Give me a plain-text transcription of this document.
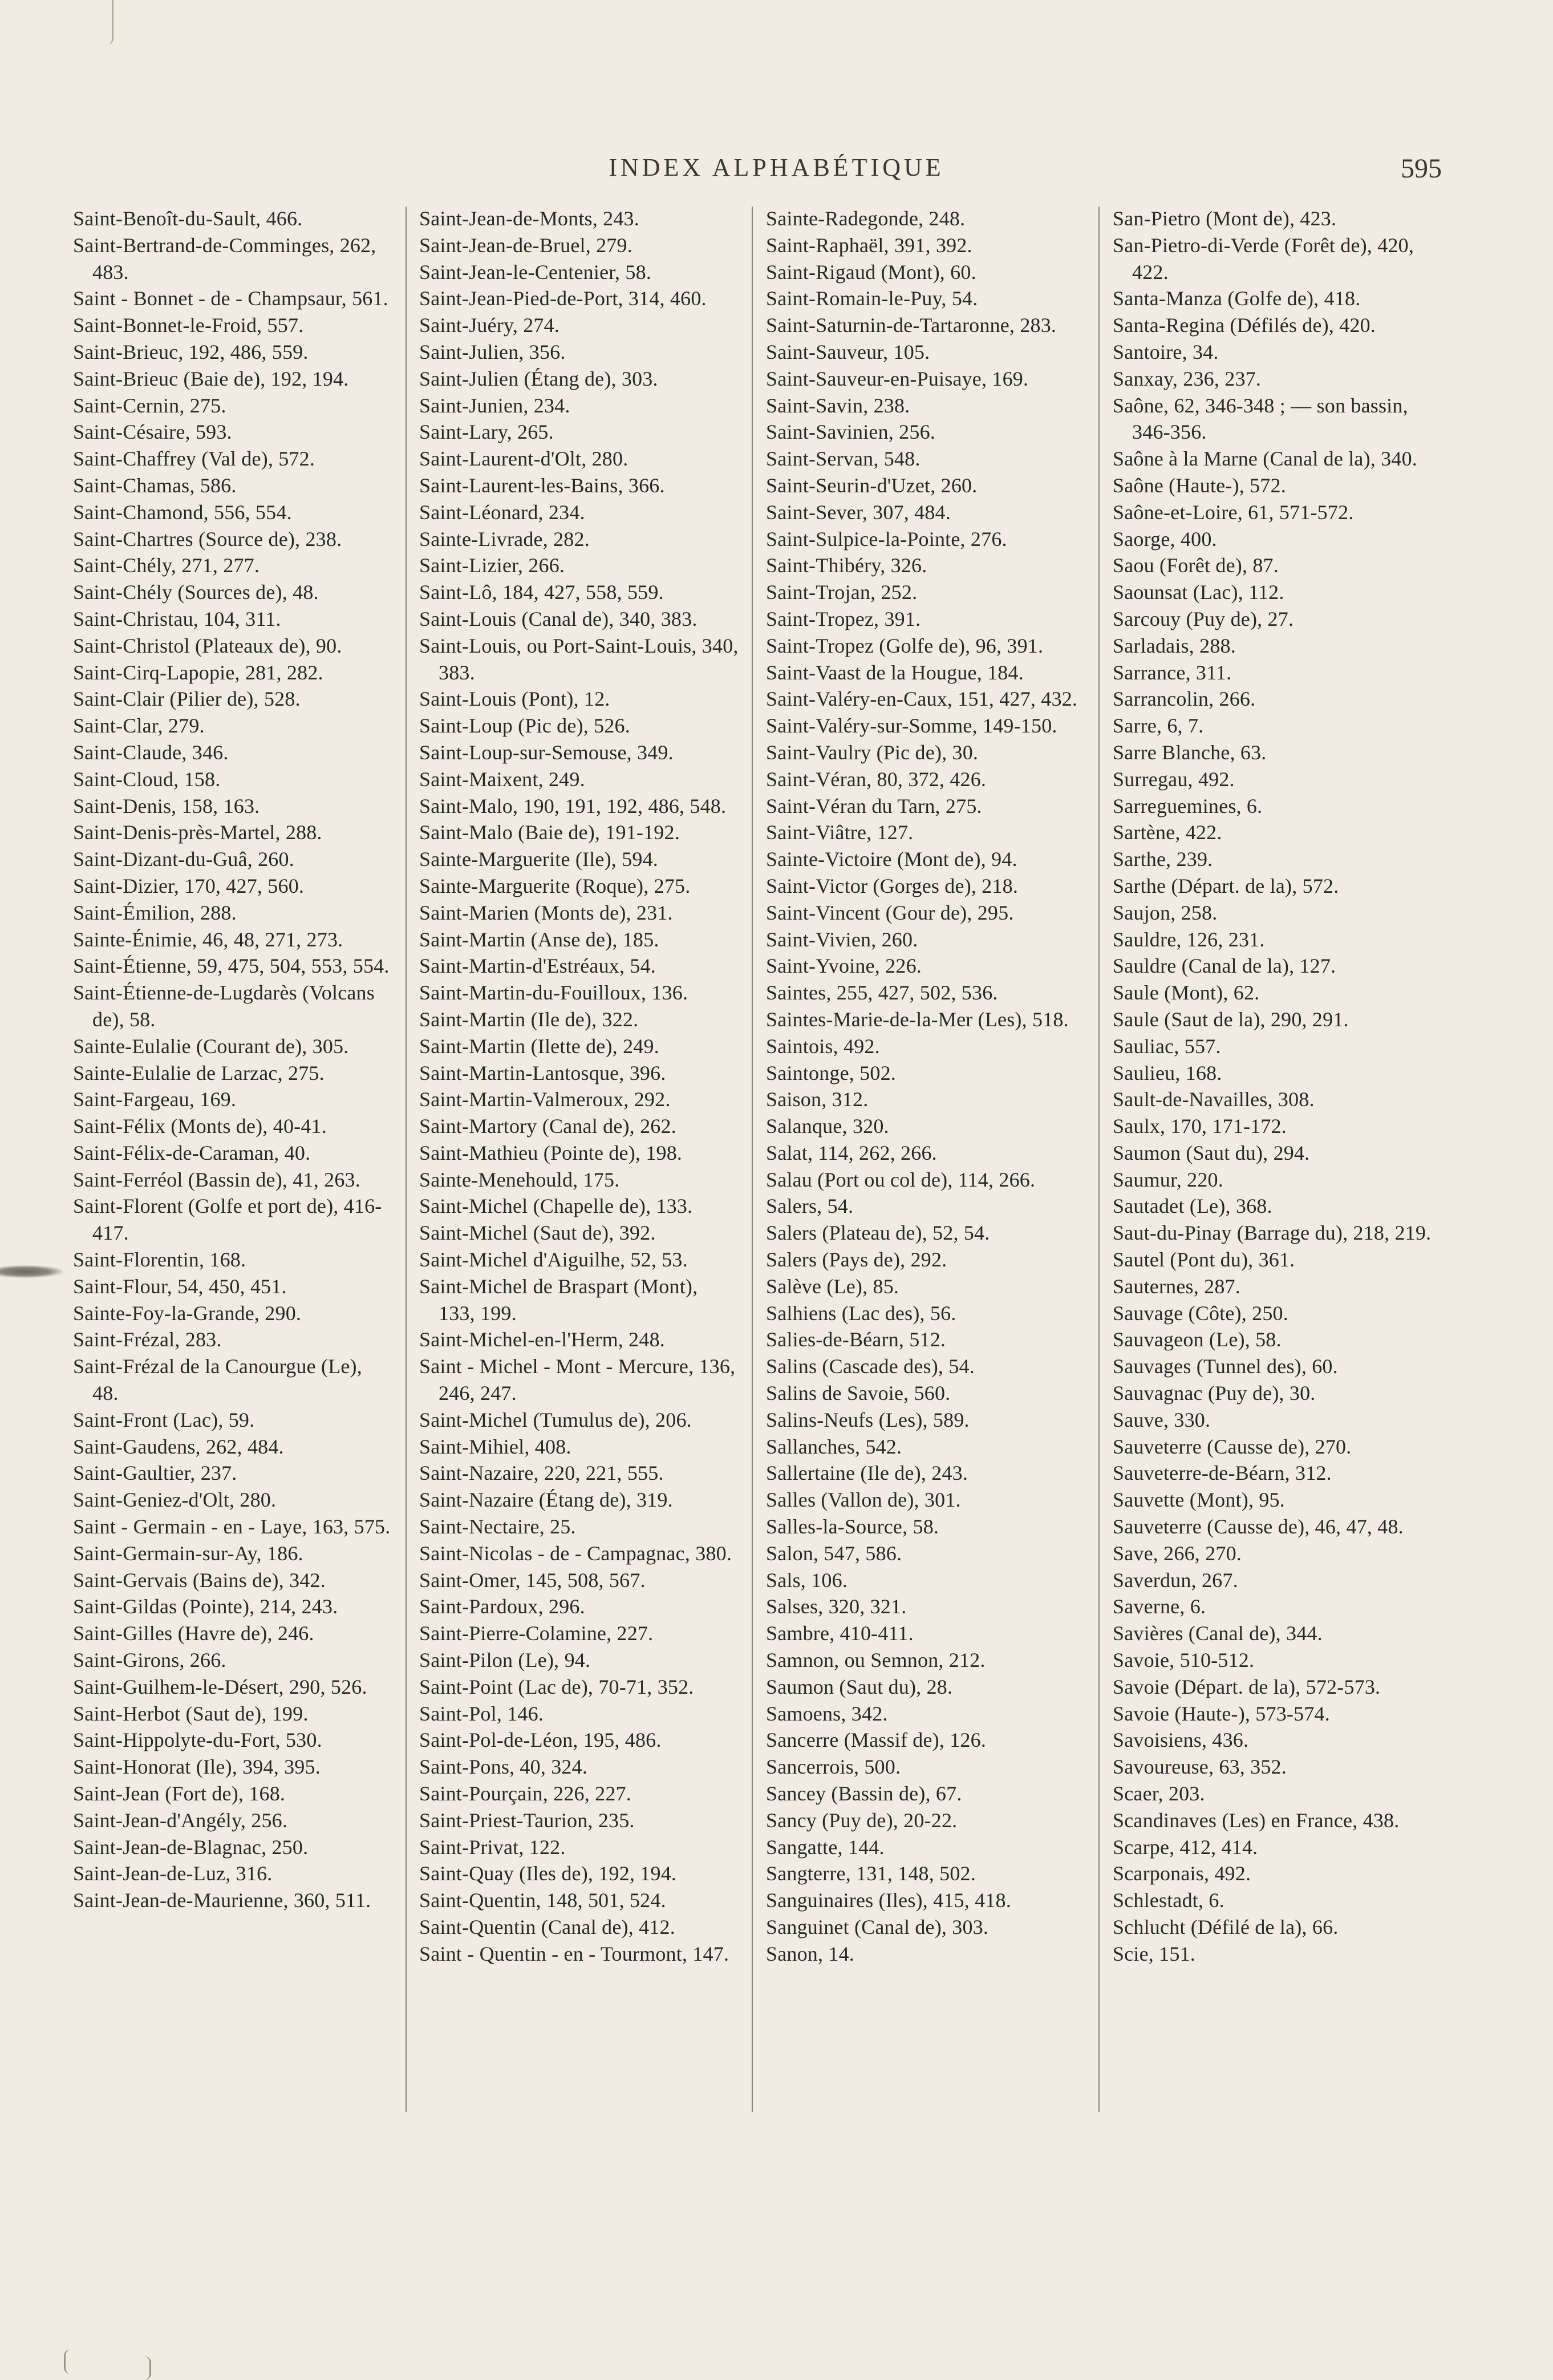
INDEX ALPHABÉTIQUE	595

Saint-Benoît-du-Sault, 466.

Saint-Bertrand-de-Comminges, 262, 483.

Saint - Bonnet - de - Champsaur, 561.

Saint-Bonnet-le-Froid, 557.

Saint-Brieuc, 192, 486, 559.

Saint-Brieuc (Baie de), 192, 194.

Saint-Cernin, 275.

Saint-Césaire, 593.

Saint-Chaffrey (Val de), 572.

Saint-Chamas, 586.

Saint-Chamond, 556, 554.

Saint-Chartres (Source de), 238.

Saint-Chély, 271, 277.

Saint-Chély (Sources de), 48.

Saint-Christau, 104, 311.

Saint-Christol (Plateaux de), 90.

Saint-Cirq-Lapopie, 281, 282.

Saint-Clair (Pilier de), 528.

Saint-Clar, 279.

Saint-Claude, 346.

Saint-Cloud, 158.

Saint-Denis, 158, 163.

Saint-Denis-près-Martel, 288.

Saint-Dizant-du-Guâ, 260.

Saint-Dizier, 170, 427, 560.

Saint-Émilion, 288.

Sainte-Énimie, 46, 48, 271, 273.

Saint-Étienne, 59, 475, 504, 553, 554.

Saint-Étienne-de-Lugdarès (Volcans de), 58.

Sainte-Eulalie (Courant de), 305.

Sainte-Eulalie de Larzac, 275.

Saint-Fargeau, 169.

Saint-Félix (Monts de), 40-41.

Saint-Félix-de-Caraman, 40.

Saint-Ferréol (Bassin de), 41, 263.

Saint-Florent (Golfe et port de), 416-417.

Saint-Florentin, 168.

Saint-Flour, 54, 450, 451.

Sainte-Foy-la-Grande, 290.

Saint-Frézal, 283.

Saint-Frézal de la Canourgue (Le), 48.

Saint-Front (Lac), 59.

Saint-Gaudens, 262, 484.

Saint-Gaultier, 237.

Saint-Geniez-d'Olt, 280.

Saint - Germain - en - Laye, 163, 575.

Saint-Germain-sur-Ay, 186.

Saint-Gervais (Bains de), 342.

Saint-Gildas (Pointe), 214, 243.

Saint-Gilles (Havre de), 246.

Saint-Girons, 266.

Saint-Guilhem-le-Désert, 290, 526.

Saint-Herbot (Saut de), 199.

Saint-Hippolyte-du-Fort, 530.

Saint-Honorat (Ile), 394, 395.

Saint-Jean (Fort de), 168.

Saint-Jean-d'Angély, 256.

Saint-Jean-de-Blagnac, 250.

Saint-Jean-de-Luz, 316.

Saint-Jean-de-Maurienne, 360, 511.

Saint-Jean-de-Monts, 243.

Saint-Jean-de-Bruel, 279.

Saint-Jean-le-Centenier, 58.

Saint-Jean-Pied-de-Port, 314, 460.

Saint-Juéry, 274.

Saint-Julien, 356.

Saint-Julien (Étang de), 303.

Saint-Junien, 234.

Saint-Lary, 265.

Saint-Laurent-d'Olt, 280.

Saint-Laurent-les-Bains, 366.

Saint-Léonard, 234.

Sainte-Livrade, 282.

Saint-Lizier, 266.

Saint-Lô, 184, 427, 558, 559.

Saint-Louis (Canal de), 340, 383.

Saint-Louis, ou Port-Saint-Louis, 340, 383.

Saint-Louis (Pont), 12.

Saint-Loup (Pic de), 526.

Saint-Loup-sur-Semouse, 349.

Saint-Maixent, 249.

Saint-Malo, 190, 191, 192, 486, 548.

Saint-Malo (Baie de), 191-192.

Sainte-Marguerite (Ile), 594.

Sainte-Marguerite (Roque), 275.

Saint-Marien (Monts de), 231.

Saint-Martin (Anse de), 185.

Saint-Martin-d'Estréaux, 54.

Saint-Martin-du-Fouilloux, 136.

Saint-Martin (Ile de), 322.

Saint-Martin (Ilette de), 249.

Saint-Martin-Lantosque, 396.

Saint-Martin-Valmeroux, 292.

Saint-Martory (Canal de), 262.

Saint-Mathieu (Pointe de), 198.

Sainte-Menehould, 175.

Saint-Michel (Chapelle de), 133.

Saint-Michel (Saut de), 392.

Saint-Michel d'Aiguilhe, 52, 53.

Saint-Michel de Braspart (Mont), 133, 199.

Saint-Michel-en-l'Herm, 248.

Saint - Michel - Mont - Mercure, 136, 246, 247.

Saint-Michel (Tumulus de), 206.

Saint-Mihiel, 408.

Saint-Nazaire, 220, 221, 555.

Saint-Nazaire (Étang de), 319.

Saint-Nectaire, 25.

Saint-Nicolas - de - Campagnac, 380.

Saint-Omer, 145, 508, 567.

Saint-Pardoux, 296.

Saint-Pierre-Colamine, 227.

Saint-Pilon (Le), 94.

Saint-Point (Lac de), 70-71, 352.

Saint-Pol, 146.

Saint-Pol-de-Léon, 195, 486.

Saint-Pons, 40, 324.

Saint-Pourçain, 226, 227.

Saint-Priest-Taurion, 235.

Saint-Privat, 122.

Saint-Quay (Iles de), 192, 194.

Saint-Quentin, 148, 501, 524.

Saint-Quentin (Canal de), 412.

Saint - Quentin - en - Tourmont, 147.

Sainte-Radegonde, 248.

Saint-Raphaël, 391, 392.

Saint-Rigaud (Mont), 60.

Saint-Romain-le-Puy, 54.

Saint-Saturnin-de-Tartaronne, 283.

Saint-Sauveur, 105.

Saint-Sauveur-en-Puisaye, 169.

Saint-Savin, 238.

Saint-Savinien, 256.

Saint-Servan, 548.

Saint-Seurin-d'Uzet, 260.

Saint-Sever, 307, 484.

Saint-Sulpice-la-Pointe, 276.

Saint-Thibéry, 326.

Saint-Trojan, 252.

Saint-Tropez, 391.

Saint-Tropez (Golfe de), 96, 391.

Saint-Vaast de la Hougue, 184.

Saint-Valéry-en-Caux, 151, 427, 432.

Saint-Valéry-sur-Somme, 149-150.

Saint-Vaulry (Pic de), 30.

Saint-Véran, 80, 372, 426.

Saint-Véran du Tarn, 275.

Saint-Viâtre, 127.

Sainte-Victoire (Mont de), 94.

Saint-Victor (Gorges de), 218.

Saint-Vincent (Gour de), 295.

Saint-Vivien, 260.

Saint-Yvoine, 226.

Saintes, 255, 427, 502, 536.

Saintes-Marie-de-la-Mer (Les), 518.

Saintois, 492.

Saintonge, 502.

Saison, 312.

Salanque, 320.

Salat, 114, 262, 266.

Salau (Port ou col de), 114, 266.

Salers, 54.

Salers (Plateau de), 52, 54.

Salers (Pays de), 292.

Salève (Le), 85.

Salhiens (Lac des), 56.

Salies-de-Béarn, 512.

Salins (Cascade des), 54.

Salins de Savoie, 560.

Salins-Neufs (Les), 589.

Sallanches, 542.

Sallertaine (Ile de), 243.

Salles (Vallon de), 301.

Salles-la-Source, 58.

Salon, 547, 586.

Sals, 106.

Salses, 320, 321.

Sambre, 410-411.

Samnon, ou Semnon, 212.

Saumon (Saut du), 28.

Samoens, 342.

Sancerre (Massif de), 126.

Sancerrois, 500.

Sancey (Bassin de), 67.

Sancy (Puy de), 20-22.

Sangatte, 144.

Sangterre, 131, 148, 502.

Sanguinaires (Iles), 415, 418.

Sanguinet (Canal de), 303.

Sanon, 14.

San-Pietro (Mont de), 423.

San-Pietro-di-Verde (Forêt de), 420, 422.

Santa-Manza (Golfe de), 418.

Santa-Regina (Défilés de), 420.

Santoire, 34.

Sanxay, 236, 237.

Saône, 62, 346-348 ; — son bassin, 346-356.

Saône à la Marne (Canal de la), 340.

Saône (Haute-), 572.

Saône-et-Loire, 61, 571-572.

Saorge, 400.

Saou (Forêt de), 87.

Saounsat (Lac), 112.

Sarcouy (Puy de), 27.

Sarladais, 288.

Sarrance, 311.

Sarrancolin, 266.

Sarre, 6, 7.

Sarre Blanche, 63.

Surregau, 492.

Sarreguemines, 6.

Sartène, 422.

Sarthe, 239.

Sarthe (Départ. de la), 572.

Saujon, 258.

Sauldre, 126, 231.

Sauldre (Canal de la), 127.

Saule (Mont), 62.

Saule (Saut de la), 290, 291.

Sauliac, 557.

Saulieu, 168.

Sault-de-Navailles, 308.

Saulx, 170, 171-172.

Saumon (Saut du), 294.

Saumur, 220.

Sautadet (Le), 368.

Saut-du-Pinay (Barrage du), 218, 219.

Sautel (Pont du), 361.

Sauternes, 287.

Sauvage (Côte), 250.

Sauvageon (Le), 58.

Sauvages (Tunnel des), 60.

Sauvagnac (Puy de), 30.

Sauve, 330.

Sauveterre (Causse de), 270.

Sauveterre-de-Béarn, 312.

Sauvette (Mont), 95.

Sauveterre (Causse de), 46, 47, 48.

Save, 266, 270.

Saverdun, 267.

Saverne, 6.

Savières (Canal de), 344.

Savoie, 510-512.

Savoie (Départ. de la), 572-573.

Savoie (Haute-), 573-574.

Savoisiens, 436.

Savoureuse, 63, 352.

Scaer, 203.

Scandinaves (Les) en France, 438.

Scarpe, 412, 414.

Scarponais, 492.

Schlestadt, 6.

Schlucht (Défilé de la), 66.

Scie, 151.
